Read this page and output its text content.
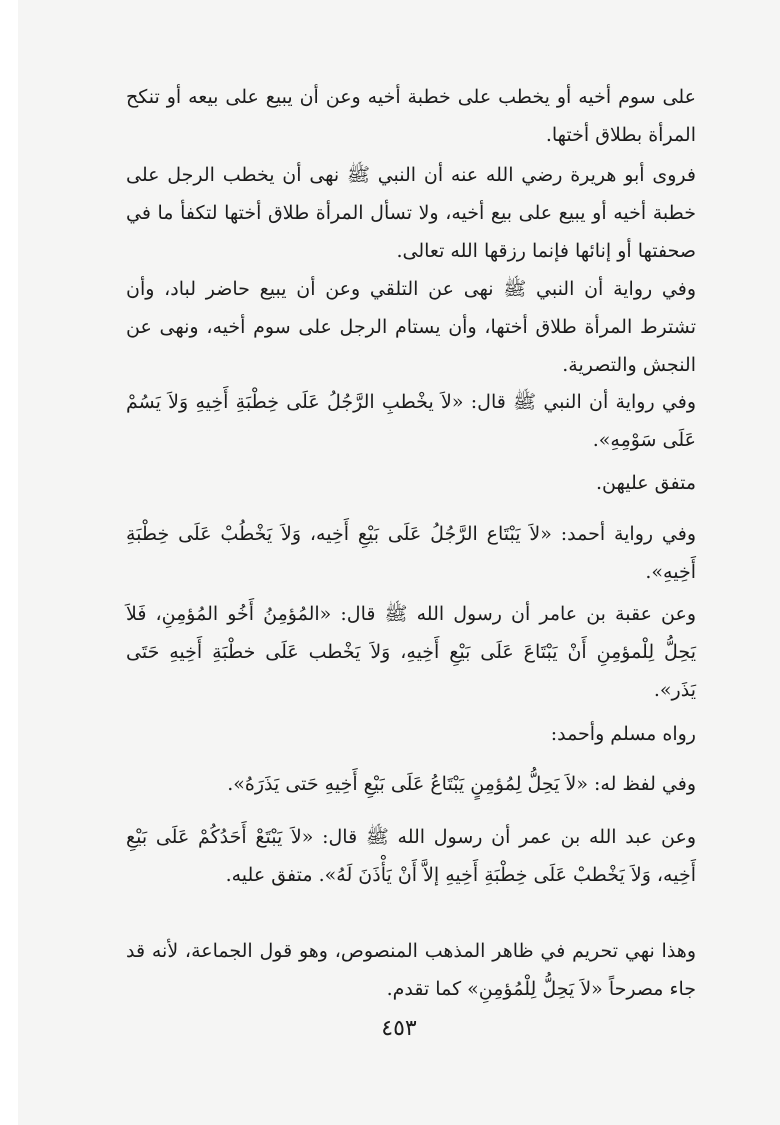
على سوم أخيه أو يخطب على خطبة أخيه وعن أن يبيع على بيعه أو تنكح المرأة بطلاق أختها.

فروى أبو هريرة رضي الله عنه أن النبي ﷺ نهى أن يخطب الرجل على خطبة أخيه أو يبيع على بيع أخيه، ولا تسأل المرأة طلاق أختها لتكفأ ما في صحفتها أو إنائها فإنما رزقها الله تعالى.

وفي رواية أن النبي ﷺ نهى عن التلقي وعن أن يبيع حاضر لباد، وأن تشترط المرأة طلاق أختها، وأن يستام الرجل على سوم أخيه، ونهى عن النجش والتصرية.

وفي رواية أن النبي ﷺ قال: «لاَ يخْطبِ الرَّجُلُ عَلَى خِطْبَةِ أَخِيهِ وَلاَ يَسُمْ عَلَى سَوْمِهِ».

متفق عليهن.

وفي رواية أحمد: «لاَ يَبْتَاع الرَّجُلُ عَلَى بَيْعِ أَخِيه، وَلاَ يَخْطُبْ عَلَى خِطْبَةِ أَخِيهِ».

وعن عقبة بن عامر أن رسول الله ﷺ قال: «المُؤمِنُ أَخُو المُؤمِنِ، فَلاَ يَحِلُّ لِلْمؤمِنِ أَنْ يَبْتَاعَ عَلَى بَيْعِ أَخِيهِ، وَلاَ يَخْطب عَلَى خطْبَةِ أَخِيهِ حَتَى يَذَر».

رواه مسلم وأحمد:

وفي لفظ له: «لاَ يَحِلُّ لِمُؤمِنٍ يَبْتَاعُ عَلَى بَيْعِ أَخِيهِ حَتى يَذَرَهُ».

وعن عبد الله بن عمر أن رسول الله ﷺ قال: «لاَ يَبْتَعْ أَحَدُكُمْ عَلَى بَيْعِ أَخِيه، وَلاَ يَخْطبْ عَلَى خِطْبَةِ أَخِيهِ إلاَّ أَنْ يَأْذَنَ لَهُ». متفق عليه.

وهذا نهي تحريم في ظاهر المذهب المنصوص، وهو قول الجماعة، لأنه قد جاء مصرحاً «لاَ يَحِلُّ لِلْمُؤمِنِ» كما تقدم.

٤٥٣
